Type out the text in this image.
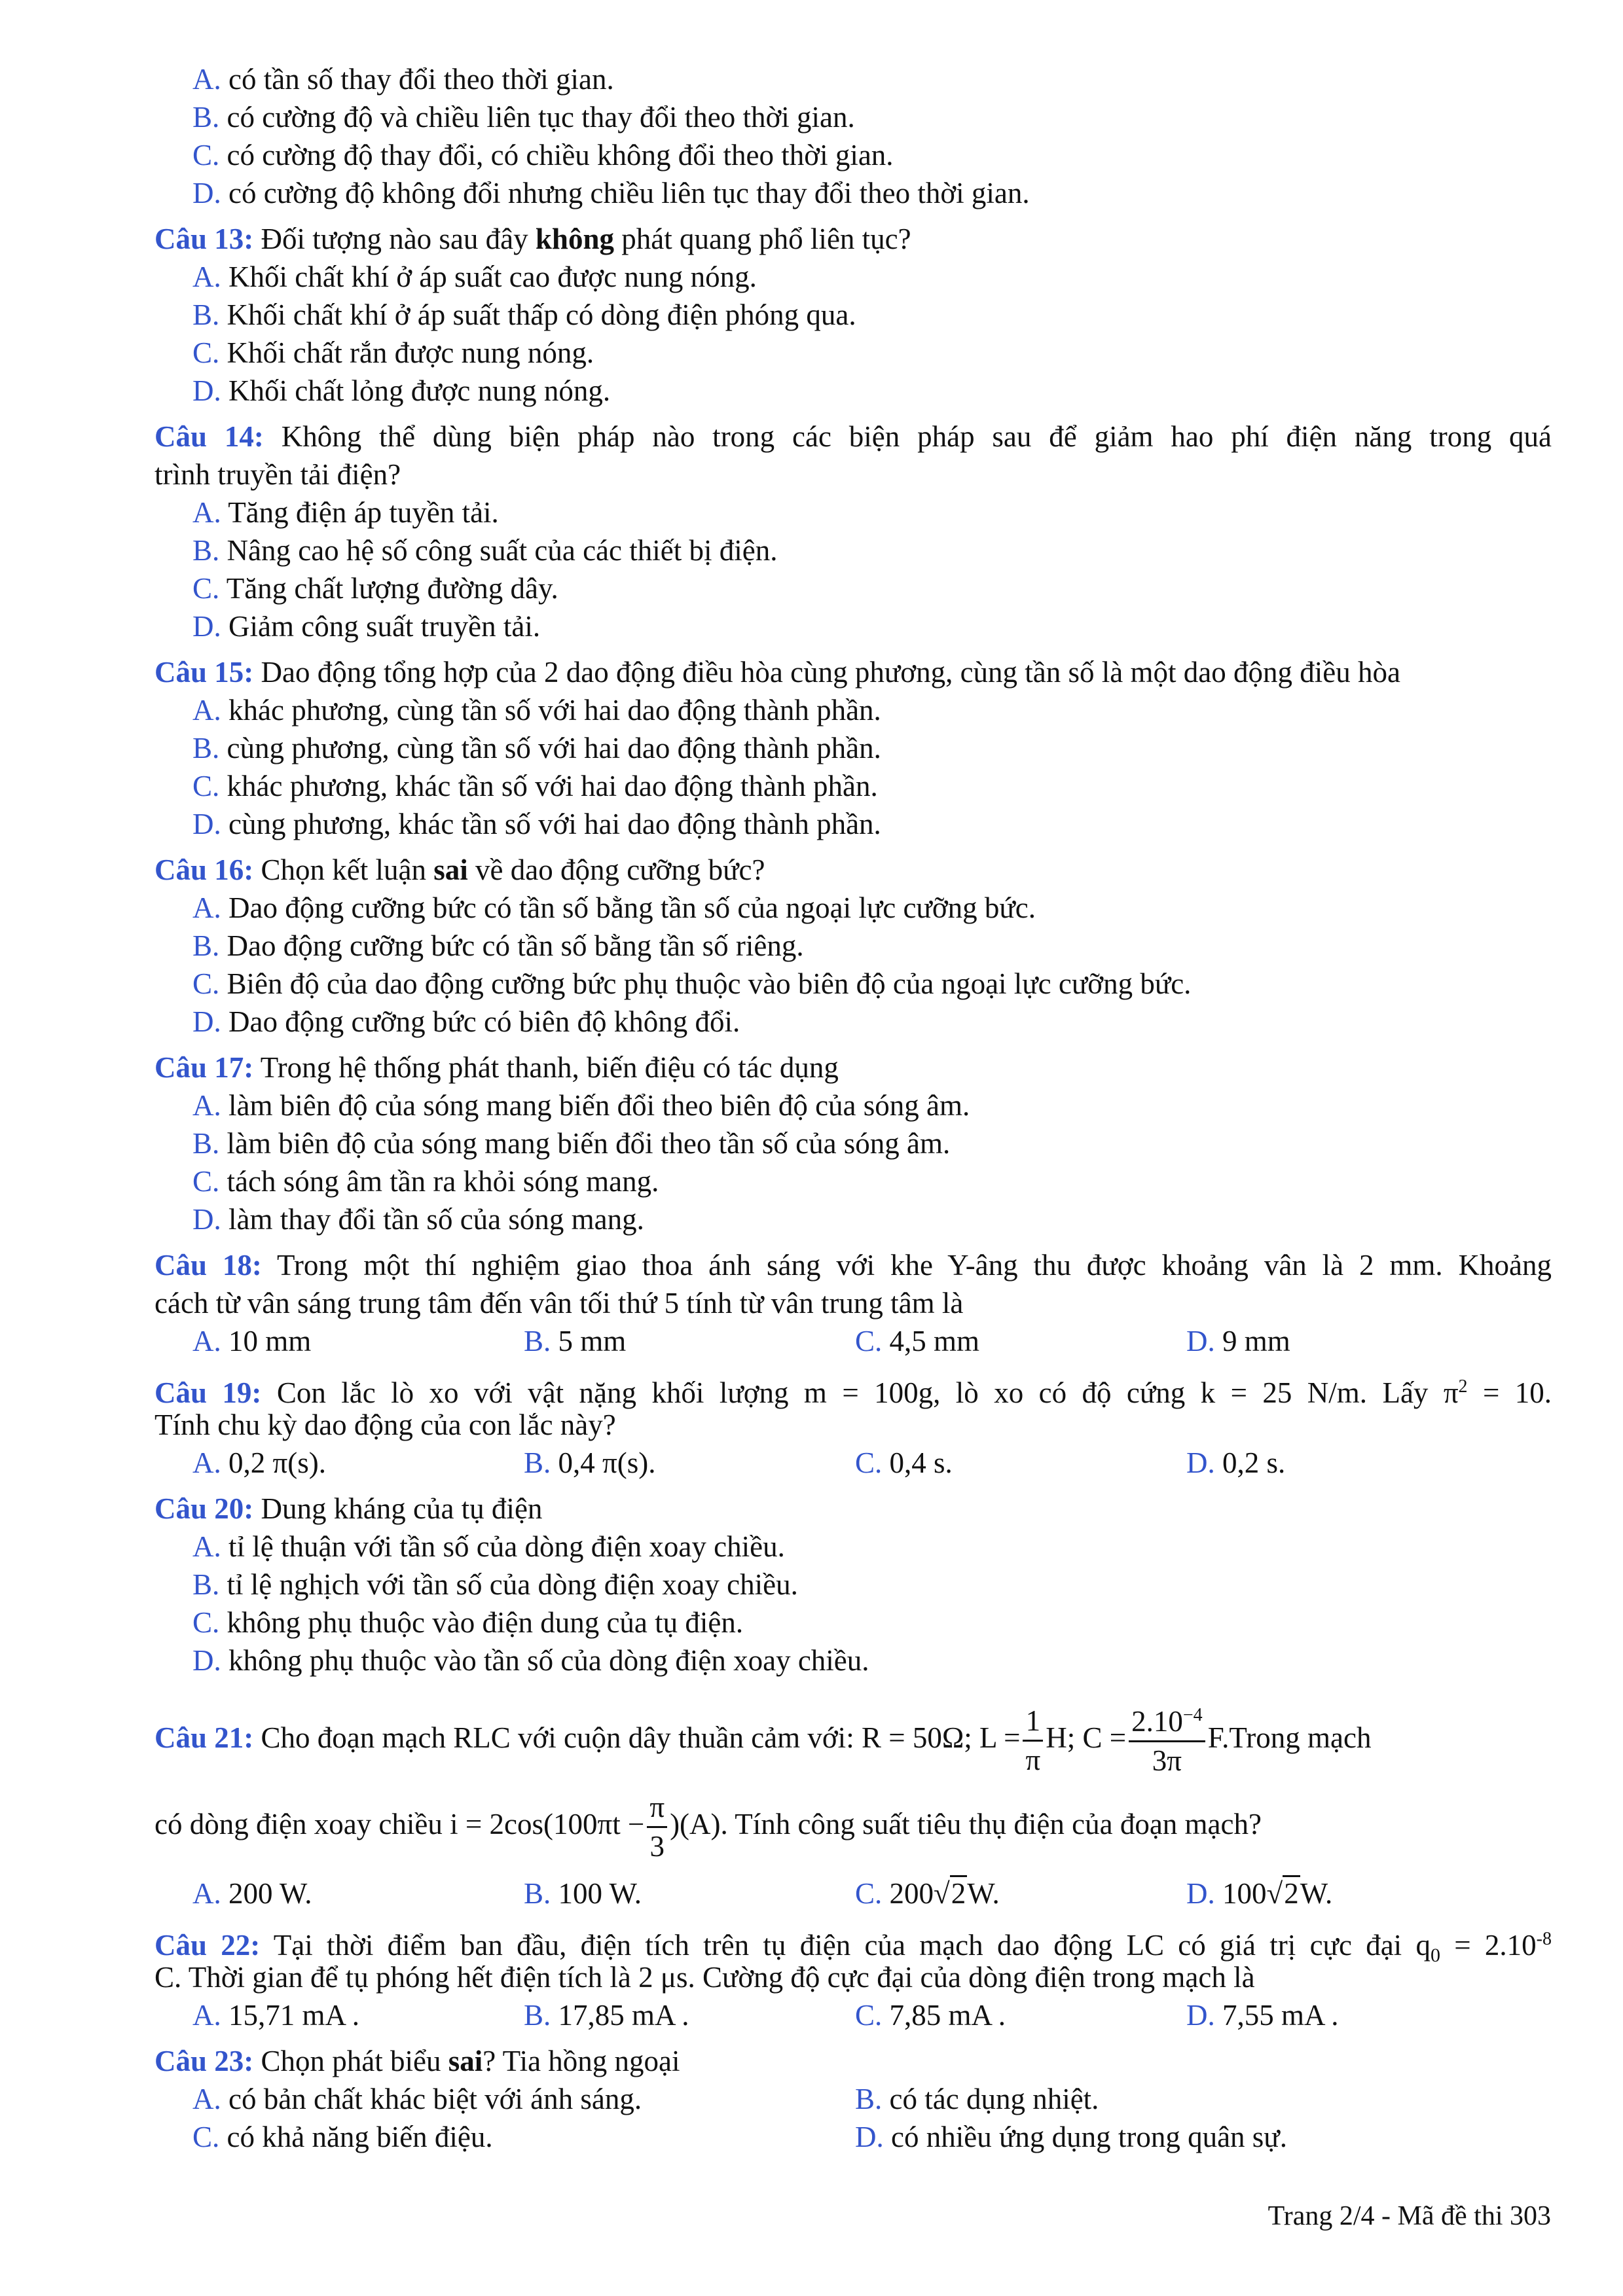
A. có tần số thay đổi theo thời gian.
B. có cường độ và chiều liên tục thay đổi theo thời gian.
C. có cường độ thay đổi, có chiều không đổi theo thời gian.
D. có cường độ không đổi nhưng chiều liên tục thay đổi theo thời gian.
Câu 13: Đối tượng nào sau đây không phát quang phổ liên tục?
A. Khối chất khí ở áp suất cao được nung nóng.
B. Khối chất khí ở áp suất thấp có dòng điện phóng qua.
C. Khối chất rắn được nung nóng.
D. Khối chất lỏng được nung nóng.
Câu 14: Không thể dùng biện pháp nào trong các biện pháp sau để giảm hao phí điện năng trong quá
trình truyền tải điện?
A. Tăng điện áp tuyền tải.
B. Nâng cao hệ số công suất của các thiết bị điện.
C. Tăng chất lượng đường dây.
D. Giảm công suất truyền tải.
Câu 15: Dao động tổng hợp của 2 dao động điều hòa cùng phương, cùng tần số là một dao động điều hòa
A. khác phương, cùng tần số với hai dao động thành phần.
B. cùng phương, cùng tần số với hai dao động thành phần.
C. khác phương, khác tần số với hai dao động thành phần.
D. cùng phương, khác tần số với hai dao động thành phần.
Câu 16: Chọn kết luận sai về dao động cưỡng bức?
A. Dao động cưỡng bức có tần số bằng tần số của ngoại lực cưỡng bức.
B. Dao động cưỡng bức có tần số bằng tần số riêng.
C. Biên độ của dao động cưỡng bức phụ thuộc vào biên độ của ngoại lực cưỡng bức.
D. Dao động cưỡng bức có biên độ không đổi.
Câu 17: Trong hệ thống phát thanh, biến điệu có tác dụng
A. làm biên độ của sóng mang biến đổi theo biên độ của sóng âm.
B. làm biên độ của sóng mang biến đổi theo tần số của sóng âm.
C. tách sóng âm tần ra khỏi sóng mang.
D. làm thay đổi tần số của sóng mang.
Câu 18: Trong một thí nghiệm giao thoa ánh sáng với khe Y-âng thu được khoảng vân là 2 mm. Khoảng
cách từ vân sáng trung tâm đến vân tối thứ 5 tính từ vân trung tâm là
A. 10 mm	B. 5 mm	C. 4,5 mm	D. 9 mm
Câu 19: Con lắc lò xo với vật nặng khối lượng m = 100g, lò xo có độ cứng k = 25 N/m. Lấy $\pi^2 = 10$.
Tính chu kỳ dao động của con lắc này?
A. 0,2 π(s).	B. 0,4 π(s).	C. 0,4 s.	D. 0,2 s.
Câu 20: Dung kháng của tụ điện
A. tỉ lệ thuận với tần số của dòng điện xoay chiều.
B. tỉ lệ nghịch với tần số của dòng điện xoay chiều.
C. không phụ thuộc vào điện dung của tụ điện.
D. không phụ thuộc vào tần số của dòng điện xoay chiều.
Câu 21: Cho đoạn mạch RLC với cuộn dây thuần cảm với: R = 50Ω; $L = \frac{1}{\pi} H$; $C = \frac{2.10^{-4}}{3\pi}$ F.Trong mạch
có dòng điện xoay chiều $i = 2\cos(100\pi t - \frac{\pi}{3} )(A)$. Tính công suất tiêu thụ điện của đoạn mạch?
A. 200 W.	B. 100 W.	C. 200√2W.	D. 100√2W.
Câu 22: Tại thời điểm ban đầu, điện tích trên tụ điện của mạch dao động LC có giá trị cực đại $q_0 = 2.10^{-8}$
C. Thời gian để tụ phóng hết điện tích là 2 μs. Cường độ cực đại của dòng điện trong mạch là
A. 15,71 mA .	B. 17,85 mA .	C. 7,85 mA .	D. 7,55 mA .
Câu 23: Chọn phát biểu sai? Tia hồng ngoại
A. có bản chất khác biệt với ánh sáng.	B. có tác dụng nhiệt.
C. có khả năng biến điệu.	D. có nhiều ứng dụng trong quân sự.
Trang 2/4 - Mã đề thi 303
